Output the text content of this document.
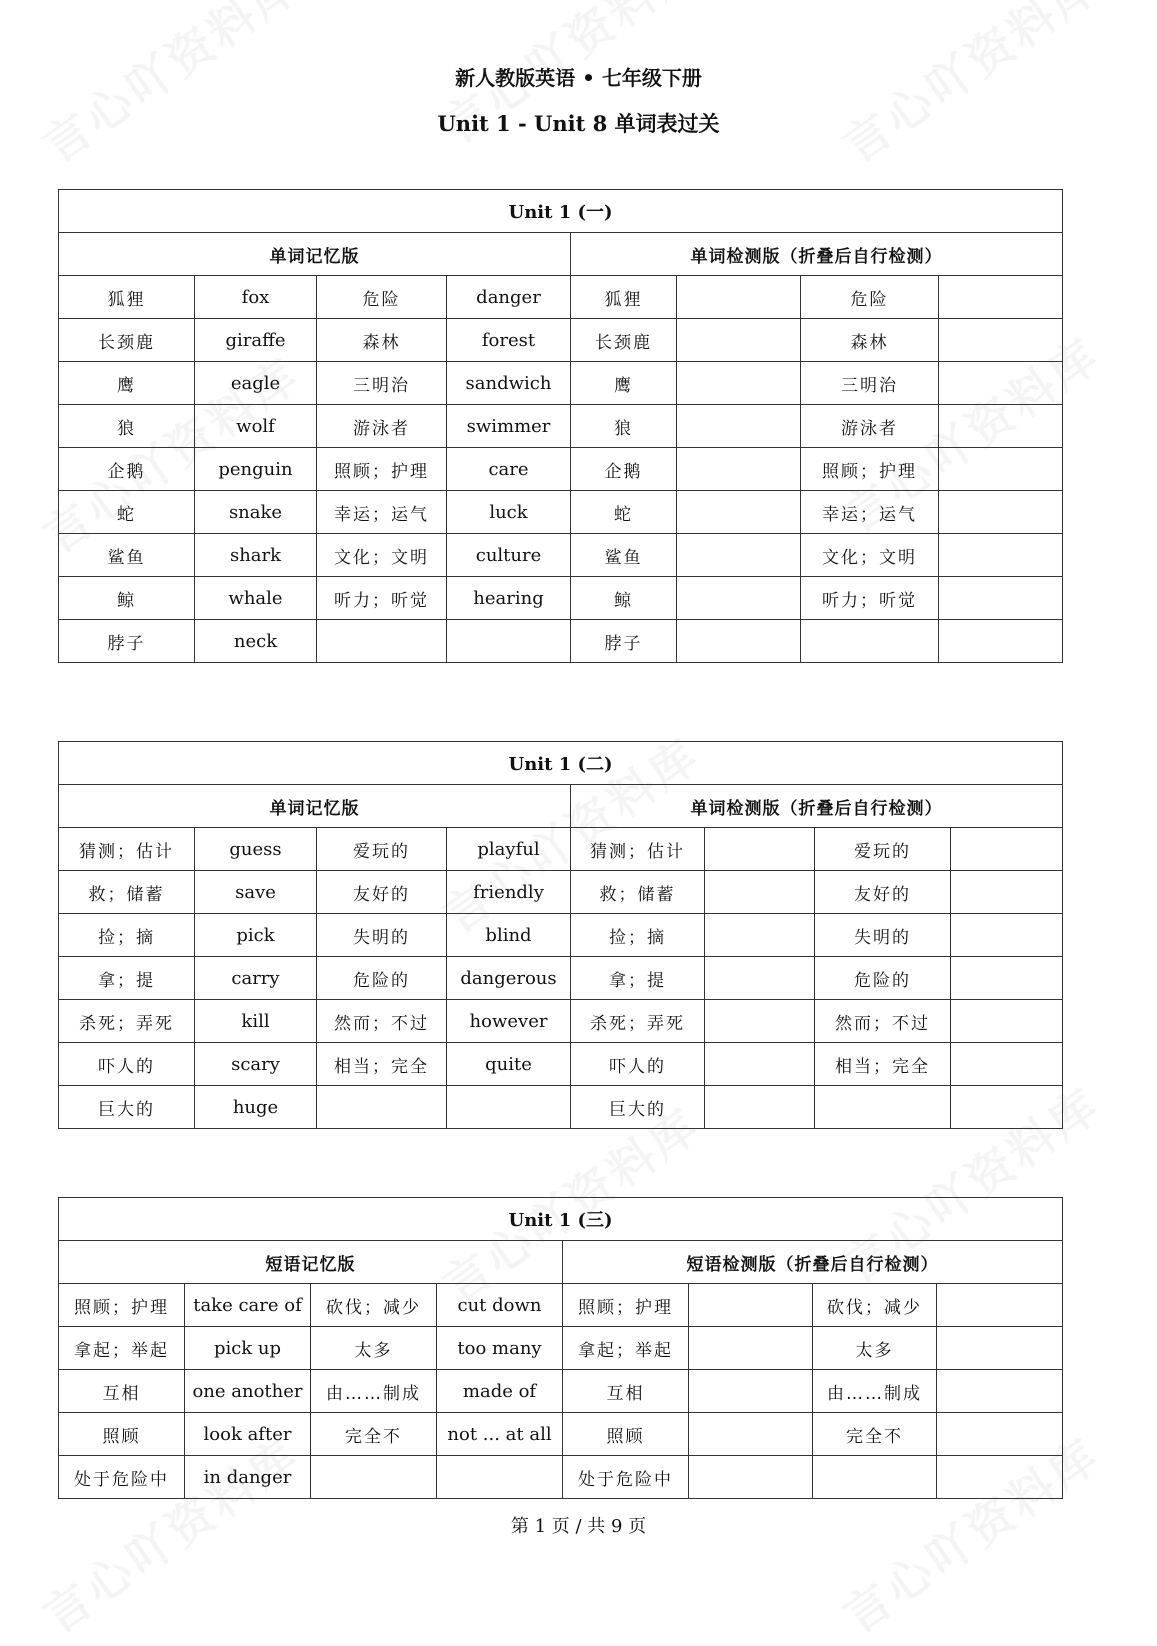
新人教版英语 • 七年级下册
Unit 1 - Unit 8 单词表过关
Unit 1 (一)							
单词记忆版				单词检测版（折叠后自行检测）			
狐狸	fox	危险	danger	狐狸		危险	
长颈鹿	giraffe	森林	forest	长颈鹿		森林	
鹰	eagle	三明治	sandwich	鹰		三明治	
狼	wolf	游泳者	swimmer	狼		游泳者	
企鹅	penguin	照顾；护理	care	企鹅		照顾；护理	
蛇	snake	幸运；运气	luck	蛇		幸运；运气	
鲨鱼	shark	文化；文明	culture	鲨鱼		文化；文明	
鲸	whale	听力；听觉	hearing	鲸		听力；听觉	
脖子	neck			脖子			
Unit 1 (二)							
单词记忆版				单词检测版（折叠后自行检测）			
猜测；估计	guess	爱玩的	playful	猜测；估计		爱玩的	
救；储蓄	save	友好的	friendly	救；储蓄		友好的	
捡；摘	pick	失明的	blind	捡；摘		失明的	
拿；提	carry	危险的	dangerous	拿；提		危险的	
杀死；弄死	kill	然而；不过	however	杀死；弄死		然而；不过	
吓人的	scary	相当；完全	quite	吓人的		相当；完全	
巨大的	huge			巨大的			
Unit 1 (三)							
短语记忆版				短语检测版（折叠后自行检测）			
照顾；护理	take care of	砍伐；减少	cut down	照顾；护理		砍伐；减少	
拿起；举起	pick up	太多	too many	拿起；举起		太多	
互相	one another	由……制成	made of	互相		由……制成	
照顾	look after	完全不	not ... at all	照顾		完全不	
处于危险中	in danger			处于危险中			
第 1 页 / 共 9 页
